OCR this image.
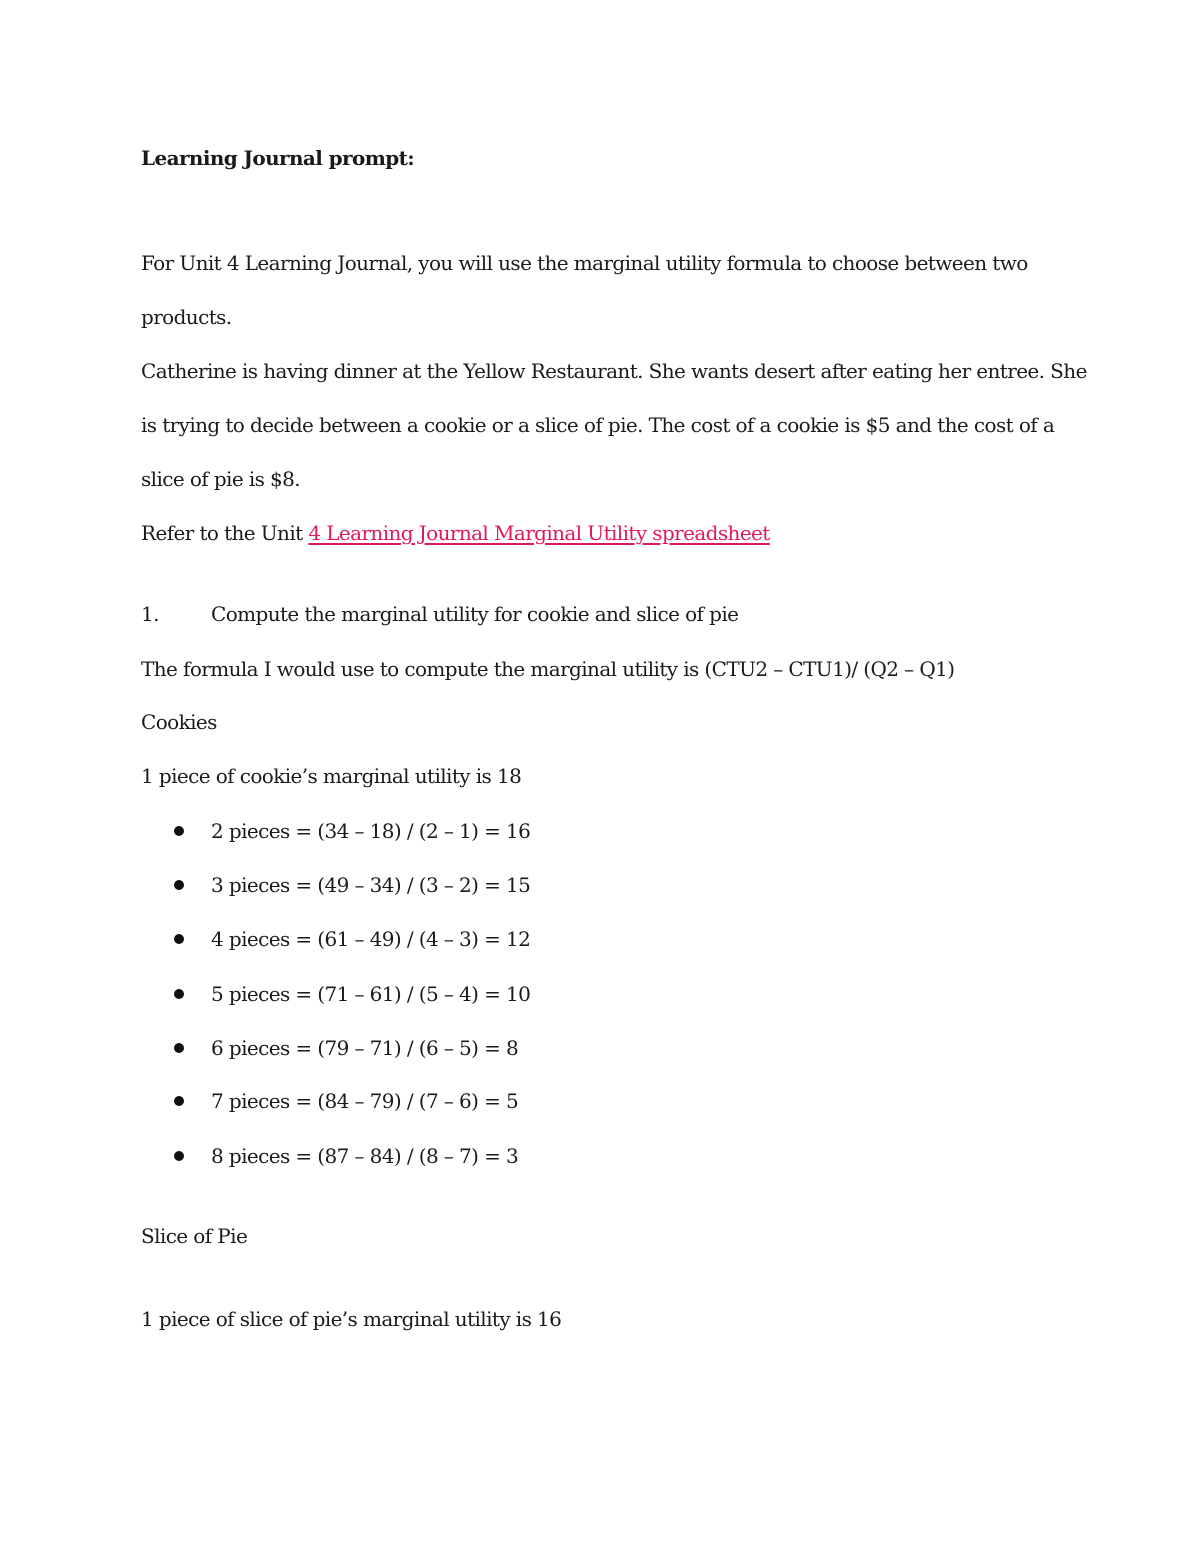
Learning Journal prompt:
For Unit 4 Learning Journal, you will use the marginal utility formula to choose between two
products.
Catherine is having dinner at the Yellow Restaurant. She wants desert after eating her entree. She
is trying to decide between a cookie or a slice of pie. The cost of a cookie is $5 and the cost of a
slice of pie is $8.
Refer to the Unit 4 Learning Journal Marginal Utility spreadsheet
1.	Compute the marginal utility for cookie and slice of pie
The formula I would use to compute the marginal utility is (CTU2 – CTU1)/ (Q2 – Q1)
Cookies
1 piece of cookie’s marginal utility is 18
2 pieces = (34 – 18) / (2 – 1) = 16
3 pieces = (49 – 34) / (3 – 2) = 15
4 pieces = (61 – 49) / (4 – 3) = 12
5 pieces = (71 – 61) / (5 – 4) = 10
6 pieces = (79 – 71) / (6 – 5) = 8
7 pieces = (84 – 79) / (7 – 6) = 5
8 pieces = (87 – 84) / (8 – 7) = 3
Slice of Pie
1 piece of slice of pie’s marginal utility is 16
